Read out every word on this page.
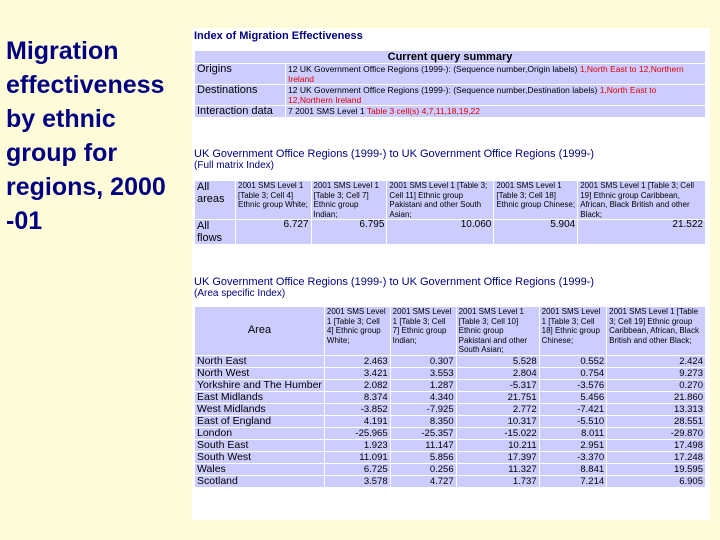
Migration
effectiveness
by ethnic
group for
regions, 2000
-01
Index of Migration Effectiveness
Current query summary	
Origins	12 UK Government Office Regions (1999-): (Sequence number,Origin labels) 1,North East to 12,Northern Ireland
Destinations	12 UK Government Office Regions (1999-): (Sequence number,Destination labels) 1,North East to 12,Northern Ireland
Interaction data	7 2001 SMS Level 1 Table 3 cell(s) 4,7,11,18,19,22
UK Government Office Regions (1999-) to UK Government Office Regions (1999-)
(Full matrix Index)
All areas	2001 SMS Level 1 [Table 3; Cell 4] Ethnic group White;	2001 SMS Level 1 [Table 3; Cell 7] Ethnic group Indian;	2001 SMS Level 1 [Table 3; Cell 11] Ethnic group Pakistani and other South Asian;	2001 SMS Level 1 [Table 3; Cell 18] Ethnic group Chinese;	2001 SMS Level 1 [Table 3; Cell 19] Ethnic group Caribbean, African, Black British and other Black;
All flows	6.727	6.795	10.060	5.904	21.522
UK Government Office Regions (1999-) to UK Government Office Regions (1999-)
(Area specific Index)
Area	2001 SMS Level 1 [Table 3; Cell 4] Ethnic group White;	2001 SMS Level 1 [Table 3; Cell 7] Ethnic group Indian;	2001 SMS Level 1 [Table 3; Cell 10] Ethnic group Pakistani and other South Asian;	2001 SMS Level 1 [Table 3; Cell 18] Ethnic group Chinese;	2001 SMS Level 1 [Table 3; Cell 19] Ethnic group Caribbean, African, Black British and other Black;
North East	2.463	0.307	5.528	0.552	2.424
North West	3.421	3.553	2.804	0.754	9.273
Yorkshire and The Humber	2.082	1.287	-5.317	-3.576	0.270
East Midlands	8.374	4.340	21.751	5.456	21.860
West Midlands	-3.852	-7.925	2.772	-7.421	13.313
East of England	4.191	8.350	10.317	-5.510	28.551
London	-25.965	-25.357	-15.022	8.011	-29.870
South East	1.923	11.147	10.211	2.951	17.498
South West	11.091	5.856	17.397	-3.370	17.248
Wales	6.725	0.256	11.327	8.841	19.595
Scotland	3.578	4.727	1.737	7.214	6.905
